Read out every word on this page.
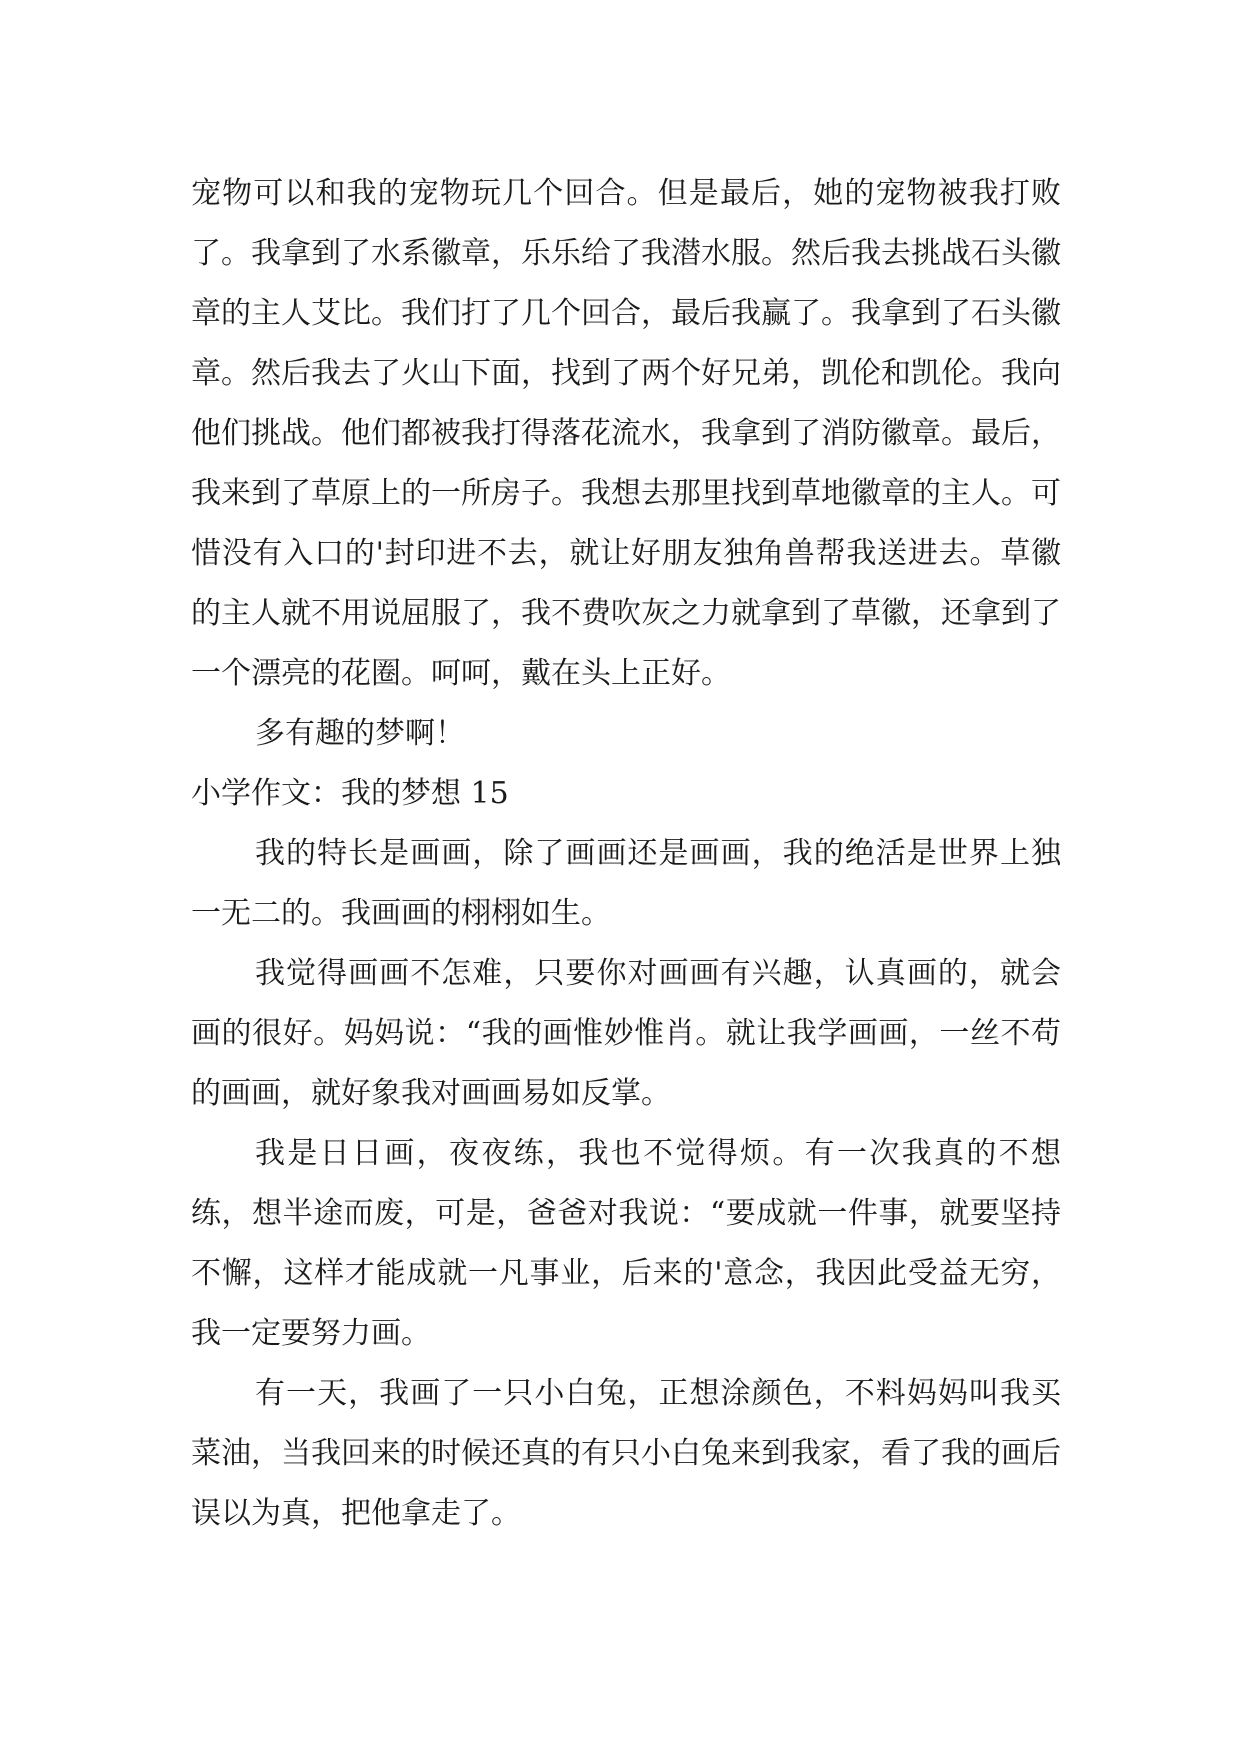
宠物可以和我的宠物玩几个回合。但是最后，她的宠物被我打败了。我拿到了水系徽章，乐乐给了我潜水服。然后我去挑战石头徽章的主人艾比。我们打了几个回合，最后我赢了。我拿到了石头徽章。然后我去了火山下面，找到了两个好兄弟，凯伦和凯伦。我向他们挑战。他们都被我打得落花流水，我拿到了消防徽章。最后，我来到了草原上的一所房子。我想去那里找到草地徽章的主人。可惜没有入口的'封印进不去，就让好朋友独角兽帮我送进去。草徽的主人就不用说屈服了，我不费吹灰之力就拿到了草徽，还拿到了一个漂亮的花圈。呵呵，戴在头上正好。

多有趣的梦啊！

小学作文：我的梦想 15

我的特长是画画，除了画画还是画画，我的绝活是世界上独一无二的。我画画的栩栩如生。

我觉得画画不怎难，只要你对画画有兴趣，认真画的，就会画的很好。妈妈说：“我的画惟妙惟肖。就让我学画画，一丝不苟的画画，就好象我对画画易如反掌。

我是日日画，夜夜练，我也不觉得烦。有一次我真的不想练，想半途而废，可是，爸爸对我说：“要成就一件事，就要坚持不懈，这样才能成就一凡事业，后来的'意念，我因此受益无穷，我一定要努力画。

有一天，我画了一只小白兔，正想涂颜色，不料妈妈叫我买菜油，当我回来的时候还真的有只小白兔来到我家，看了我的画后误以为真，把他拿走了。
